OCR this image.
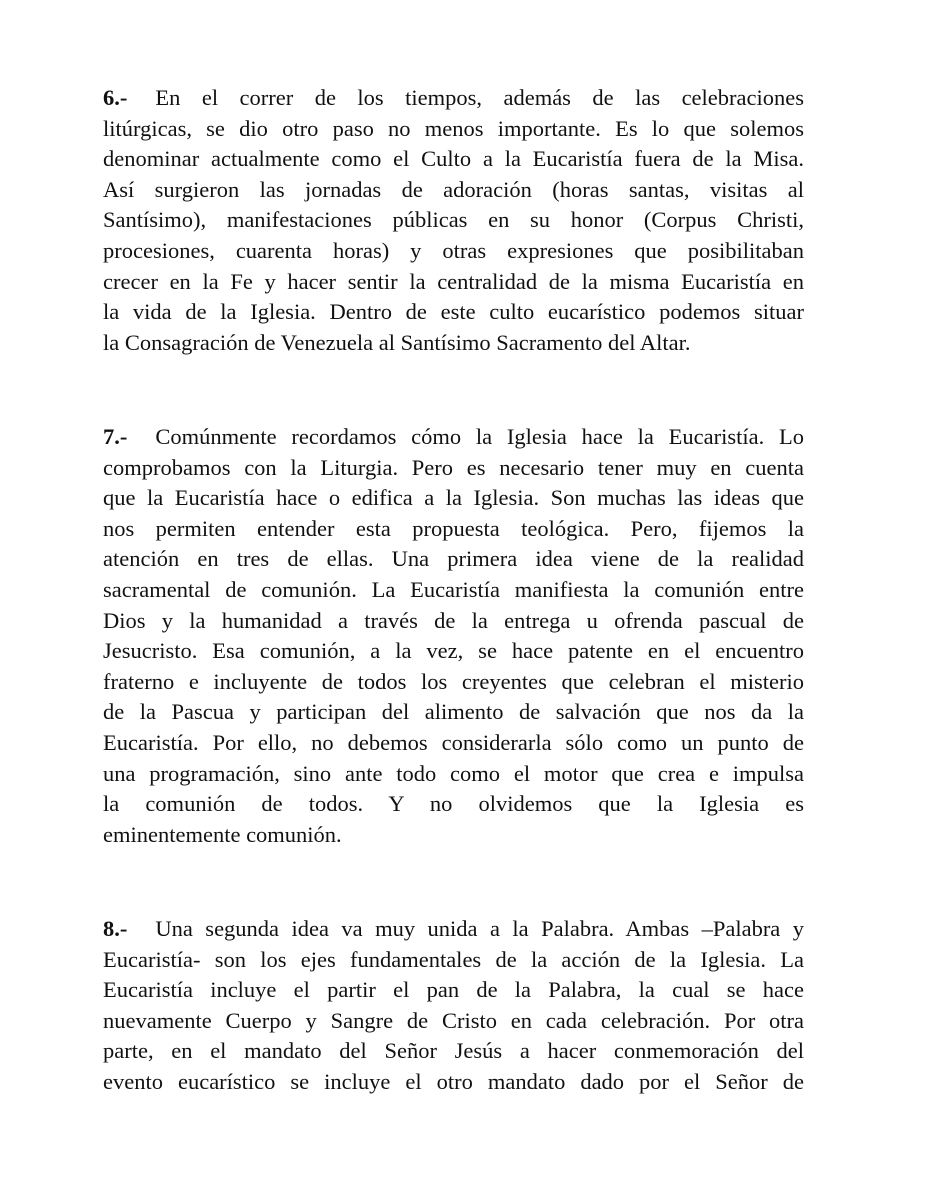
6.- En el correr de los tiempos, además de las celebraciones
litúrgicas, se dio otro paso no menos importante. Es lo que solemos
denominar actualmente como el Culto a la Eucaristía fuera de la Misa.
Así surgieron las jornadas de adoración (horas santas, visitas al
Santísimo), manifestaciones públicas en su honor (Corpus Christi,
procesiones, cuarenta horas) y otras expresiones que posibilitaban
crecer en la Fe y hacer sentir la centralidad de la misma Eucaristía en
la vida de la Iglesia. Dentro de este culto eucarístico podemos situar
la Consagración de Venezuela al Santísimo Sacramento del Altar.
7.- Comúnmente recordamos cómo la Iglesia hace la Eucaristía. Lo
comprobamos con la Liturgia. Pero es necesario tener muy en cuenta
que la Eucaristía hace o edifica a la Iglesia. Son muchas las ideas que
nos permiten entender esta propuesta teológica. Pero, fijemos la
atención en tres de ellas. Una primera idea viene de la realidad
sacramental de comunión. La Eucaristía manifiesta la comunión entre
Dios y la humanidad a través de la entrega u ofrenda pascual de
Jesucristo. Esa comunión, a la vez, se hace patente en el encuentro
fraterno e incluyente de todos los creyentes que celebran el misterio
de la Pascua y participan del alimento de salvación que nos da la
Eucaristía. Por ello, no debemos considerarla sólo como un punto de
una programación, sino ante todo como el motor que crea e impulsa
la comunión de todos. Y no olvidemos que la Iglesia es
eminentemente comunión.
8.- Una segunda idea va muy unida a la Palabra. Ambas –Palabra y
Eucaristía- son los ejes fundamentales de la acción de la Iglesia. La
Eucaristía incluye el partir el pan de la Palabra, la cual se hace
nuevamente Cuerpo y Sangre de Cristo en cada celebración. Por otra
parte, en el mandato del Señor Jesús a hacer conmemoración del
evento eucarístico se incluye el otro mandato dado por el Señor de
